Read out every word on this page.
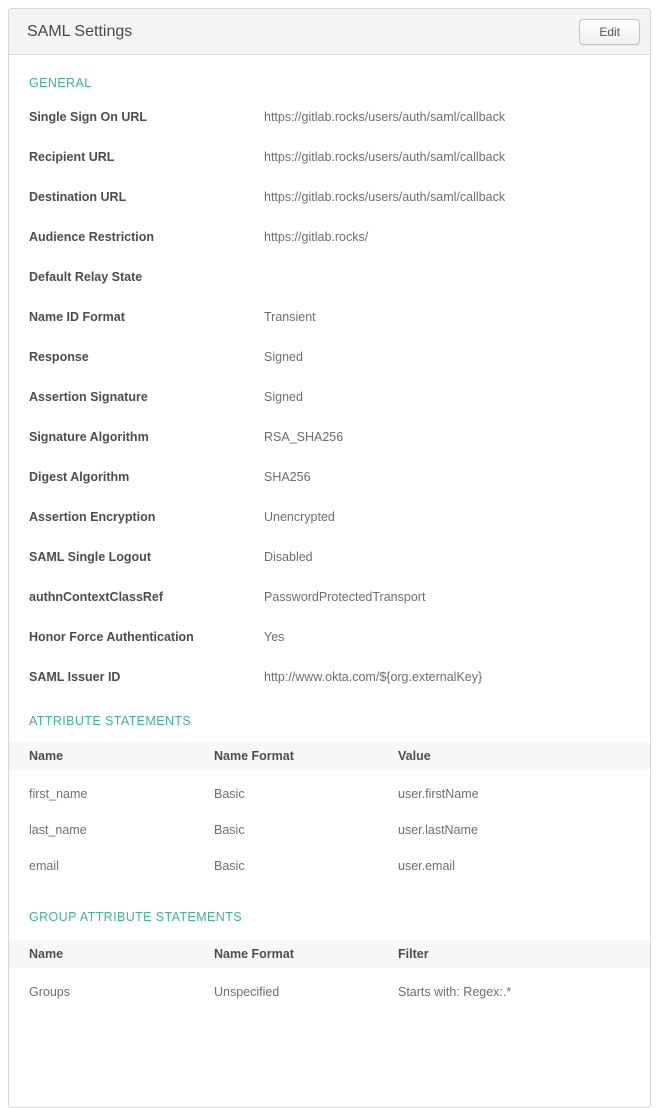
SAML Settings	Edit
GENERAL
Single Sign On URL	https://gitlab.rocks/users/auth/saml/callback
Recipient URL	https://gitlab.rocks/users/auth/saml/callback
Destination URL	https://gitlab.rocks/users/auth/saml/callback
Audience Restriction	https://gitlab.rocks/
Default Relay State
Name ID Format	Transient
Response	Signed
Assertion Signature	Signed
Signature Algorithm	RSA_SHA256
Digest Algorithm	SHA256
Assertion Encryption	Unencrypted
SAML Single Logout	Disabled
authnContextClassRef	PasswordProtectedTransport
Honor Force Authentication	Yes
SAML Issuer ID	http://www.okta.com/${org.externalKey}
ATTRIBUTE STATEMENTS
Name	Name Format	Value
first_name	Basic	user.firstName
last_name	Basic	user.lastName
email	Basic	user.email
GROUP ATTRIBUTE STATEMENTS
Name	Name Format	Filter
Groups	Unspecified	Starts with: Regex:.*
